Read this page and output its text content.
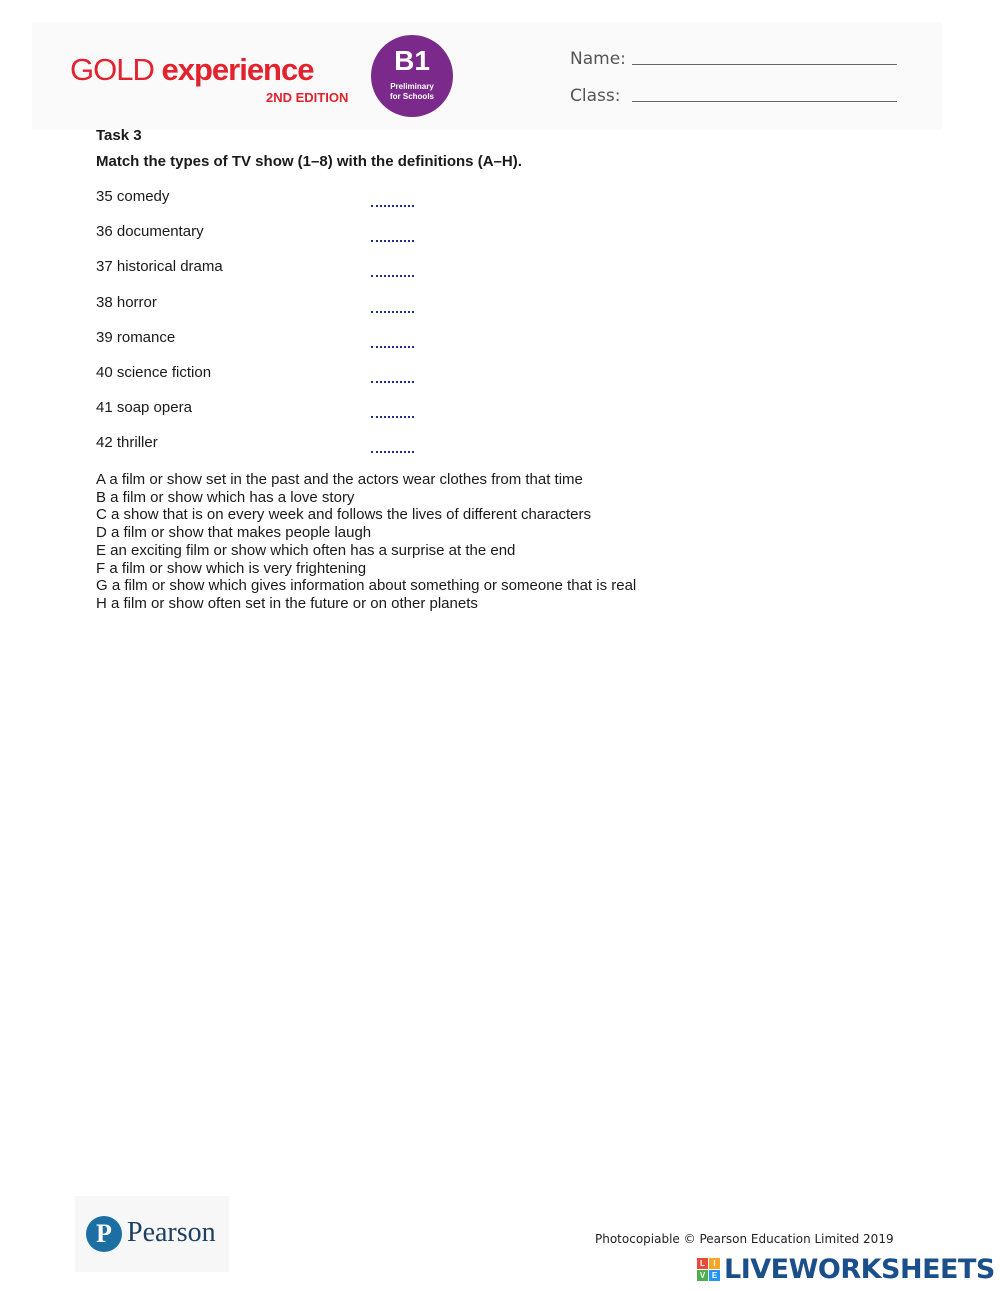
GOLD experience
2ND EDITION
B1
Preliminary
for Schools
Name:
Class:
Task 3
Match the types of TV show (1–8) with the definitions (A–H).
35 comedy
36 documentary
37 historical drama
38 horror
39 romance
40 science fiction
41 soap opera
42 thriller
A a film or show set in the past and the actors wear clothes from that time
B a film or show which has a love story
C a show that is on every week and follows the lives of different characters
D a film or show that makes people laugh
E an exciting film or show which often has a surprise at the end
F a film or show which is very frightening
G a film or show which gives information about something or someone that is real
H a film or show often set in the future or on other planets
P Pearson	Photocopiable © Pearson Education Limited 2019
L	I
V E LIVEWORKSHEETS
